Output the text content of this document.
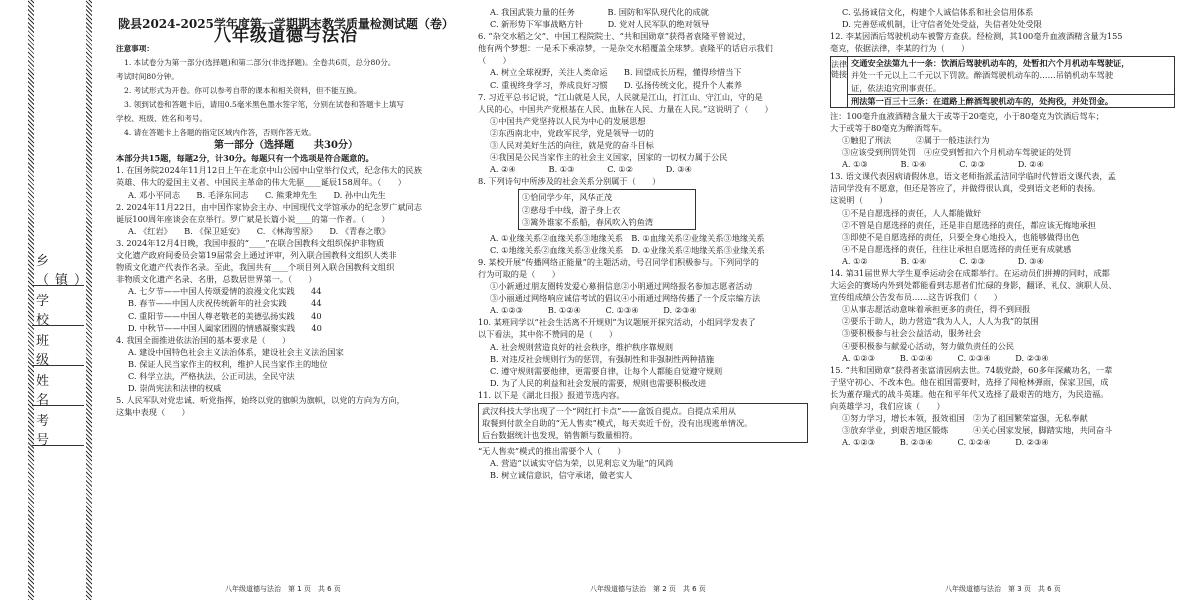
乡（镇）
学 校
班 级
姓 名
考 号

陇县2024-2025学年度第一学期期末教学质量检测试题（卷）

八年级道德与法治

注意事项：

1. 本试卷分为第一部分(选择题)和第二部分(非选择题)。全卷共6页，总分80分。

考试时间80分钟。

2. 考试形式为开卷。你可以参考自带的课本和相关资料，但不能互换。

3. 领到试卷和答题卡后，请用0.5毫米黑色墨水签字笔，分别在试卷和答题卡上填写

学校、班级、姓名和考号。

4. 请在答题卡上各题的指定区域内作答，否则作答无效。

第一部分（选择题　　共30分）

本部分共15题，每题2分，计30分。每题只有一个选项是符合题意的。

1. 在国务院2024年11月12日上午在北京中山公园中山堂举行仪式，纪念伟大的民族

英雄、伟大的爱国主义者、中国民主革命的伟大先驱____诞辰158周年。（　　）

A. 邓小平同志　　B. 毛泽东同志　　C. 熊秉坤先生　　D. 孙中山先生

2. 2024年11月22日，由中国作家协会主办、中国现代文学馆承办的纪念罗广斌同志

诞辰100周年座谈会在京举行。罗广斌是长篇小说____的第一作者。（　　）

A. 《红岩》　　B. 《保卫延安》　　C. 《林海雪原》　　D. 《青春之歌》

3. 2024年12月4日晚，我国申报的“____”在联合国教科文组织保护非物质

文化遗产政府间委员会第19届常会上通过评审，列入联合国教科文组织人类非

物质文化遗产代表作名录。至此，我国共有____个项目列入联合国教科文组织

非物质文化遗产名录、名册，总数居世界第一。（　　）

A. 七夕节——中国人传颂爱情的浪漫文化实践　　44

B. 春节——中国人庆祝传统新年的社会实践　　　44

C. 重阳节——中国人尊老敬老的美德弘扬实践　　40

D. 中秋节——中国人阖家团圆的情感凝聚实践　　40

4. 我国全面推进依法治国的基本要求是（　　）

A. 建设中国特色社会主义法治体系，建设社会主义法治国家

B. 保证人民当家作主的权利，维护人民当家作主的地位

C. 科学立法，严格执法，公正司法，全民守法

D. 崇尚宪法和法律的权威

5. 人民军队对党忠诚、听党指挥，始终以党的旗帜为旗帜，以党的方向为方向，

这集中表现（　　）

八年级道德与法治　第 1 页　共 6 页

A. 我国武装力量的任务　　　　B. 国防和军队现代化的成就

C. 新形势下军事战略方针　　　D. 党对人民军队的绝对领导

6. “杂交水稻之父”、中国工程院院士、“共和国勋章”获得者袁隆平曾说过，

他有两个梦想：一是禾下乘凉梦，一是杂交水稻覆盖全球梦。袁隆平的话启示我们

（　　）

A. 树立全球视野，关注人类命运　　B. 回望成长历程，懂得珍惜当下

C. 重视终身学习，养成良好习惯　　D. 弘扬传统文化，提升个人素养

7. 习近平总书记说，“江山就是人民，人民就是江山，打江山、守江山，守的是

人民的心，中国共产党根基在人民、血脉在人民、力量在人民。”这说明了（　　）

①中国共产党坚持以人民为中心的发展思想

②东西南北中，党政军民学，党是领导一切的

③人民对美好生活的向往，就是党的奋斗目标

④我国是公民当家作主的社会主义国家，国家的一切权力属于公民

A. ②④　　　　B. ①③　　　　C. ①②　　　　D. ③④

8. 下列诗句中所涉及的社会关系分别属于（　　）

①恰同学少年，风华正茂

②慈母手中线，游子身上衣

③篱外谁家不系船，春风吹入钓鱼湾

A. ①业缘关系②血缘关系③地缘关系　B. ①血缘关系②业缘关系③地缘关系

C. ①地缘关系②血缘关系③业缘关系　D. ①业缘关系②地缘关系③业缘关系

9. 某校开展“传播网络正能量”的主题活动，号召同学们积极参与。下列同学的

行为可取的是（　　）

①小新通过朋友圈转发爱心募捐信息②小明通过网络报名参加志愿者活动

③小丽通过网络响应诚信考试的倡议④小雨通过网络传播了一个反宗编方法

A. ①②③　　　B. ①②④　　　C. ①③④　　　D. ②③④

10. 某班同学以“社会生活离不开规则”为议题展开探究活动，小组同学发表了

以下看法，其中你不赞同的是（　　）

A. 社会规则营造良好的社会秩序，维护秩序靠规则

B. 对违反社会规则行为的惩罚，有强制性和非强制性两种措施

C. 遵守规则需要他律，更需要自律，让每个人都能自觉遵守规则

D. 为了人民的利益和社会发展的需要，规则也需要积极改进

11. 以下是《湖北日报》报道节选内容。

武汉科技大学出现了一个“网红打卡点”——盒饭自提点。自提点采用从

取餐到付款全自助的“无人售卖”模式，每天卖近千份，没有出现逃单情况。

后台数据统计也发现，销售额与数量相符。

“无人售卖”模式的推出需要个人（　　）

A. 营造“以诚实守信为荣，以见利忘义为耻”的风尚

B. 树立诚信意识，信守承诺，做老实人

八年级道德与法治　第 2 页　共 6 页

C. 弘扬诚信文化，构建个人诚信体系和社会信用体系

D. 完善惩戒机制，让守信者处处受益，失信者处处受限

12. 李某因酒后驾驶机动车被警方查获。经检测，其100毫升血液酒精含量为155

毫克，依据法律，李某的行为（　　）

法律链接

交通安全法第九十一条：饮酒后驾驶机动车的，处暂扣六个月机动车驾驶证，

并处一千元以上二千元以下罚款。醉酒驾驶机动车的……吊销机动车驾驶

证，依法追究刑事责任。

刑法第一百三十三条：在道路上醉酒驾驶机动车的，处拘役，并处罚金。

注：100毫升血液酒精含量大于或等于20毫克，小于80毫克为饮酒后驾车；

大于或等于80毫克为醉酒驾车。

①触犯了刑法　　　②属于一般违法行为

③应该受到刑罚处罚　④应受到暂扣六个月机动车驾驶证的处罚

A. ①③　　　　B. ①④　　　　C. ②③　　　　D. ②④

13. 语文课代表因病请假休息，语文老师指派孟洁同学临时代替语文课代表，孟

洁同学没有不愿意，但还是答应了，并做得很认真，受到语文老师的表扬。

这说明（　　）

①不是自愿选择的责任，人人都能做好

②不管是自愿选择的责任，还是非自愿选择的责任，都应该无悔地承担

③即使不是自愿选择的责任，只要全身心地投入，也能够做得出色

④不是自愿选择的责任，往往让承担自愿选择的责任更有成就感

A. ①②　　　　B. ①④　　　　C. ②③　　　　D. ③④

14. 第31届世界大学生夏季运动会在成都举行。在运动员们拼搏的同时，成都

大运会的赛场内外到处都能看到志愿者们忙碌的身影，翻译、礼仪、演职人员、

宣传组成绩公告发布员……这告诉我们（　　）

①从事志愿活动意味着承担更多的责任，得不到回报

②要乐于助人，助力营造“我为人人，人人为我”的氛围

③要积极参与社会公益活动，服务社会

④要积极参与献爱心活动，努力做负责任的公民

A. ①②③　　　B. ①②④　　　C. ①③④　　　D. ②③④

15. “共和国勋章”获得者张富清因病去世。74载党龄，60多年深藏功名，一辈

子坚守初心、不改本色。他在祖国需要时，选择了闯枪林弹雨，保家卫国，成

长为董存瑞式的战斗英雄。他在和平年代又选择了最艰苦的地方，为民造福。

向英雄学习，我们应该（　　）

①努力学习，增长本领，报效祖国　②为了祖国繁荣富强，无私奉献

③放弃学业，到艰苦地区锻炼　　　④关心国家发展，脚踏实地，共同奋斗

A. ①②③　　　B. ②③④　　　C. ①②④　　　D. ②③④

八年级道德与法治　第 3 页　共 6 页
